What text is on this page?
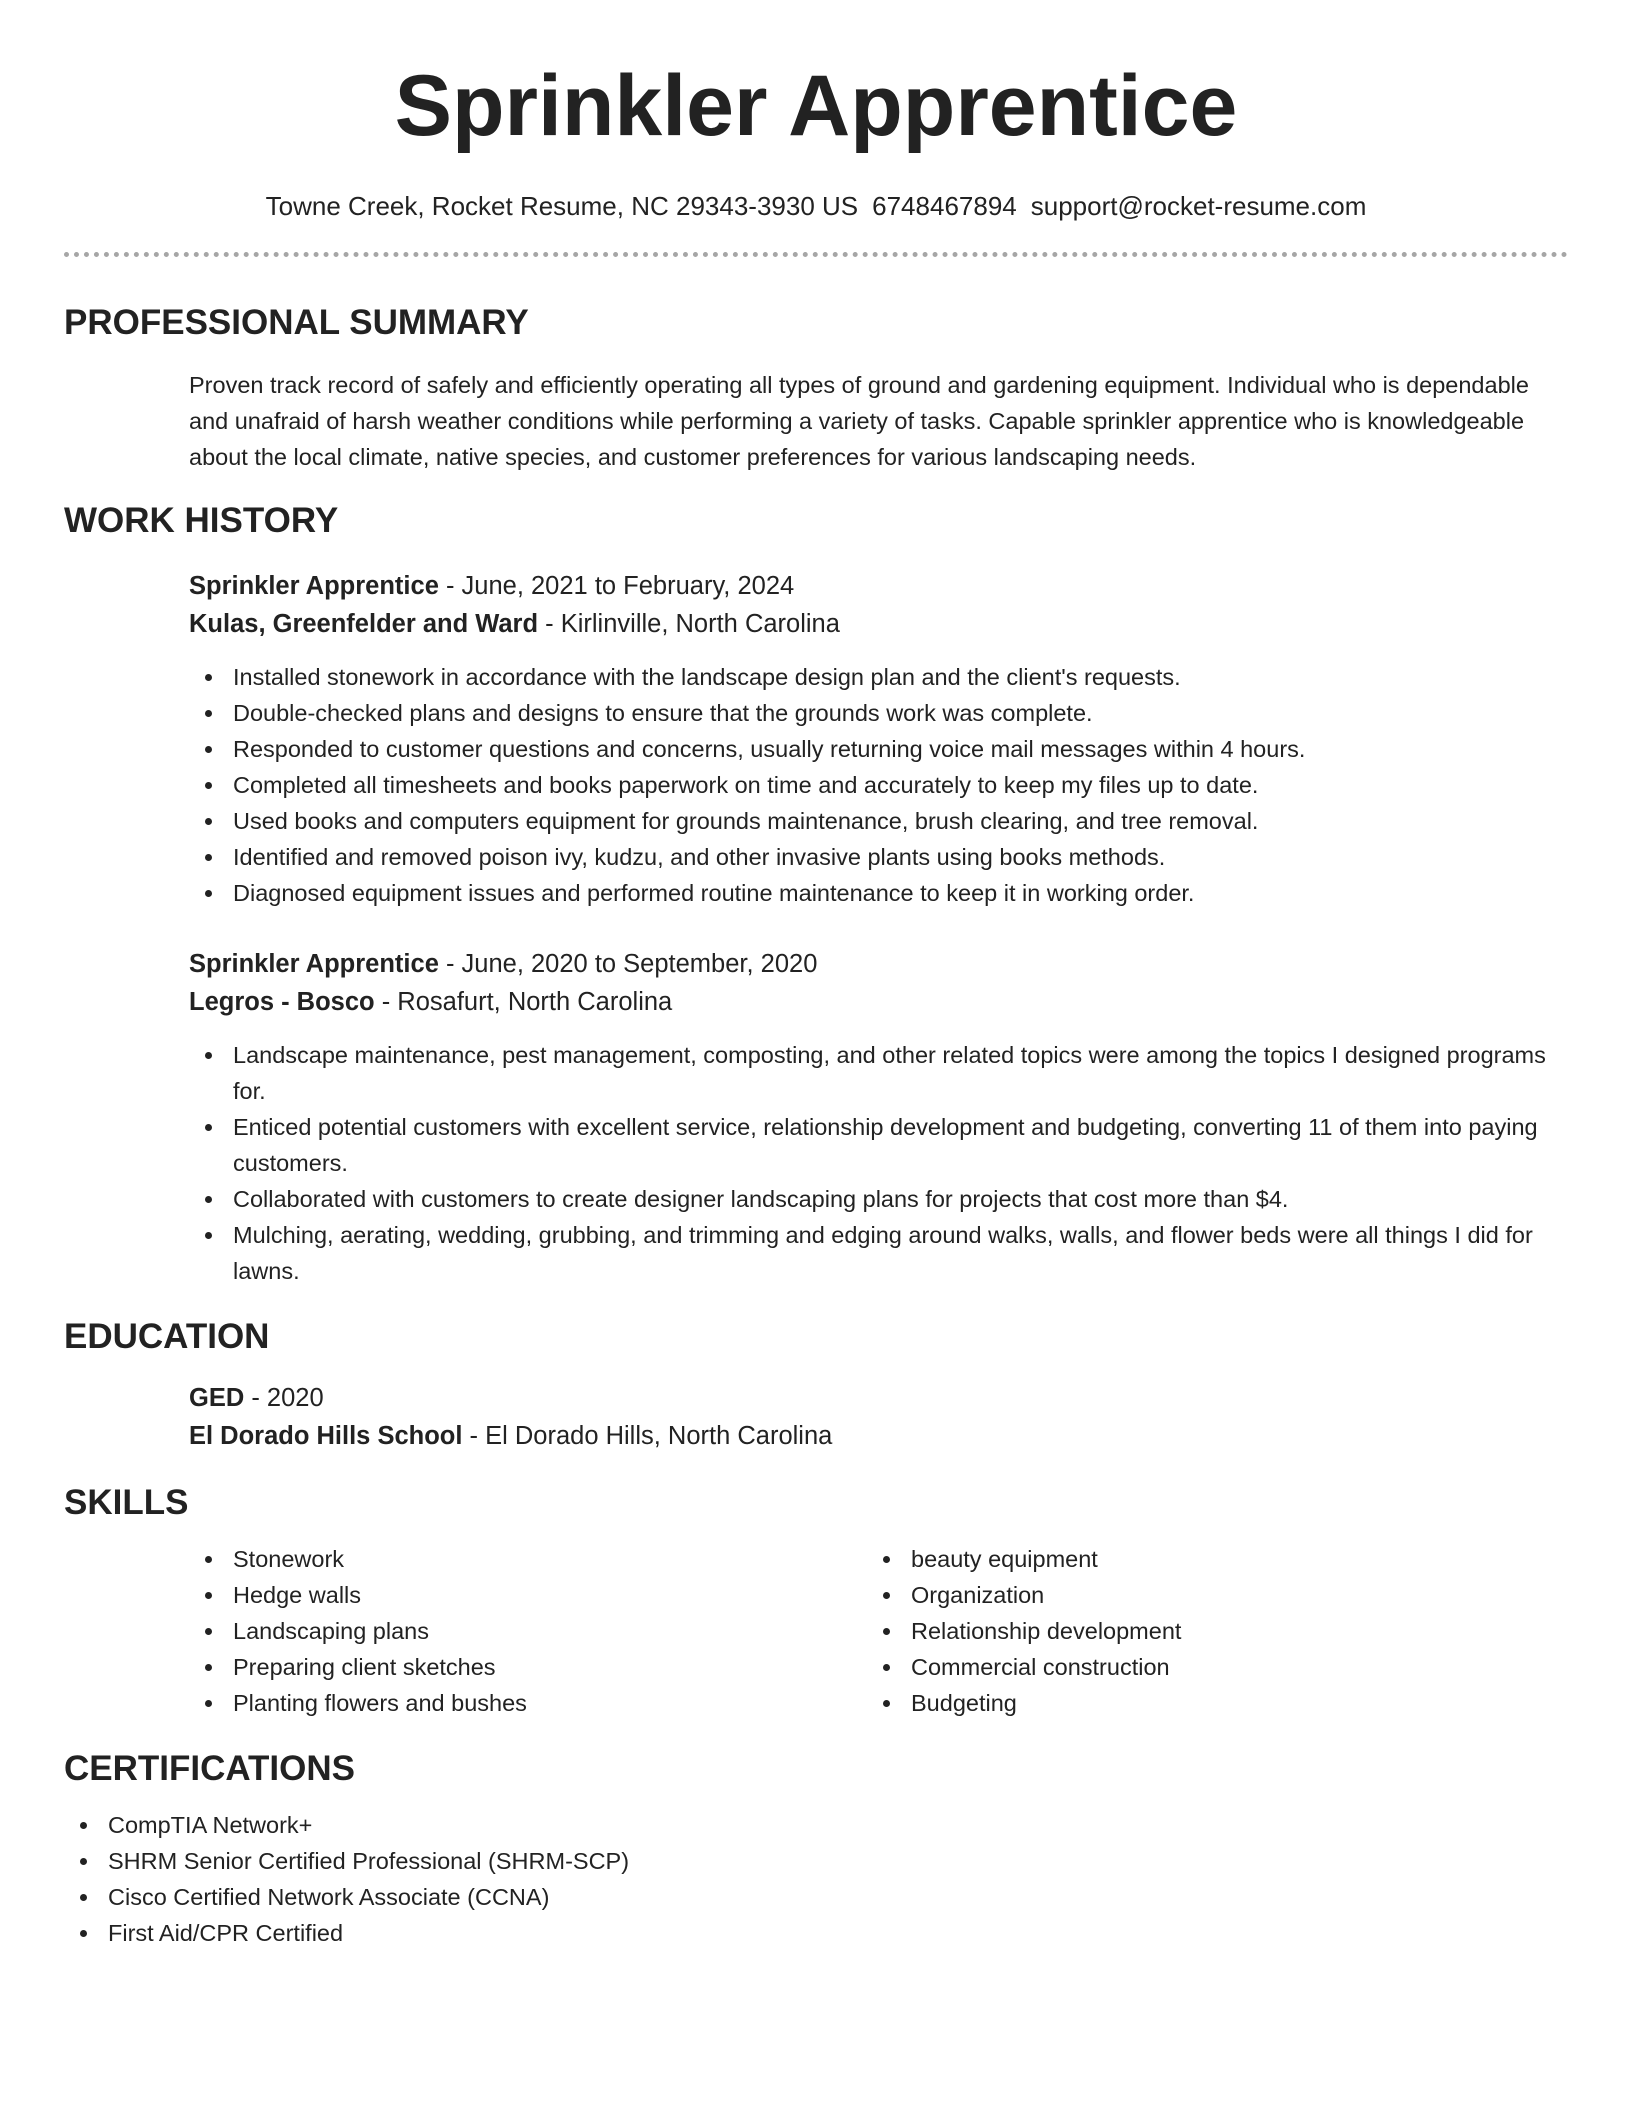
Sprinkler Apprentice
Towne Creek, Rocket Resume, NC 29343-3930 US 6748467894 support@rocket-resume.com
PROFESSIONAL SUMMARY
Proven track record of safely and efficiently operating all types of ground and gardening equipment. Individual who is dependable and unafraid of harsh weather conditions while performing a variety of tasks. Capable sprinkler apprentice who is knowledgeable about the local climate, native species, and customer preferences for various landscaping needs.
WORK HISTORY
Sprinkler Apprentice - June, 2021 to February, 2024
Kulas, Greenfelder and Ward - Kirlinville, North Carolina
Installed stonework in accordance with the landscape design plan and the client's requests.
Double-checked plans and designs to ensure that the grounds work was complete.
Responded to customer questions and concerns, usually returning voice mail messages within 4 hours.
Completed all timesheets and books paperwork on time and accurately to keep my files up to date.
Used books and computers equipment for grounds maintenance, brush clearing, and tree removal.
Identified and removed poison ivy, kudzu, and other invasive plants using books methods.
Diagnosed equipment issues and performed routine maintenance to keep it in working order.
Sprinkler Apprentice - June, 2020 to September, 2020
Legros - Bosco - Rosafurt, North Carolina
Landscape maintenance, pest management, composting, and other related topics were among the topics I designed programs for.
Enticed potential customers with excellent service, relationship development and budgeting, converting 11 of them into paying customers.
Collaborated with customers to create designer landscaping plans for projects that cost more than $4.
Mulching, aerating, wedding, grubbing, and trimming and edging around walks, walls, and flower beds were all things I did for lawns.
EDUCATION
GED - 2020
El Dorado Hills School - El Dorado Hills, North Carolina
SKILLS
Stonework
Hedge walls
Landscaping plans
Preparing client sketches
Planting flowers and bushes
beauty equipment
Organization
Relationship development
Commercial construction
Budgeting
CERTIFICATIONS
CompTIA Network+
SHRM Senior Certified Professional (SHRM-SCP)
Cisco Certified Network Associate (CCNA)
First Aid/CPR Certified
